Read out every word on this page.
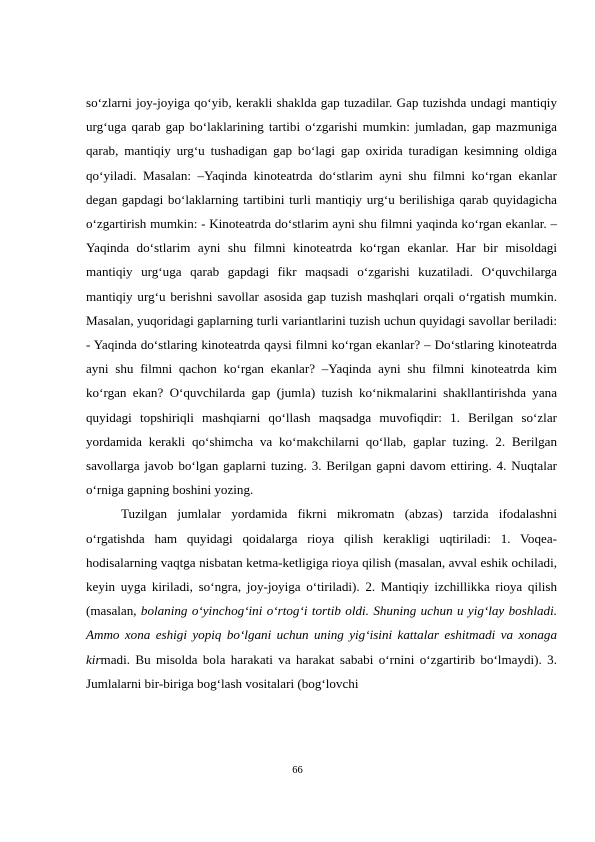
so‘zlarni joy-joyiga qo‘yib, kerakli shaklda gap tuzadilar. Gap tuzishda undagi mantiqiy urg‘uga qarab gap bo‘laklarining tartibi o‘zgarishi mumkin: jumladan, gap mazmuniga qarab, mantiqiy urg‘u tushadigan gap bo‘lagi gap oxirida turadigan kesimning oldiga qo‘yiladi. Masalan: –Yaqinda kinoteatrda do‘stlarim ayni shu filmni ko‘rgan ekanlar degan gapdagi bo‘laklarning tartibini turli mantiqiy urg‘u berilishiga qarab quyidagicha o‘zgartirish mumkin: - Kinoteatrda do‘stlarim ayni shu filmni yaqinda ko‘rgan ekanlar. – Yaqinda do‘stlarim ayni shu filmni kinoteatrda ko‘rgan ekanlar. Har bir misoldagi mantiqiy urg‘uga qarab gapdagi fikr maqsadi o‘zgarishi kuzatiladi. O‘quvchilarga mantiqiy urg‘u berishni savollar asosida gap tuzish mashqlari orqali o‘rgatish mumkin. Masalan, yuqoridagi gaplarning turli variantlarini tuzish uchun quyidagi savollar beriladi: - Yaqinda do‘stlaring kinoteatrda qaysi filmni ko‘rgan ekanlar? – Do‘stlaring kinoteatrda ayni shu filmni qachon ko‘rgan ekanlar? –Yaqinda ayni shu filmni kinoteatrda kim ko‘rgan ekan? O‘quvchilarda gap (jumla) tuzish ko‘nikmalarini shakllantirishda yana quyidagi topshiriqli mashqiarni qo‘llash maqsadga muvofiqdir: 1. Berilgan so‘zlar yordamida kerakli qo‘shimcha va ko‘makchilarni qo‘llab, gaplar tuzing. 2. Berilgan savollarga javob bo‘lgan gaplarni tuzing. 3. Berilgan gapni davom ettiring. 4. Nuqtalar o‘rniga gapning boshini yozing.

Tuzilgan jumlalar yordamida fikrni mikromatn (abzas) tarzida ifodalashni o‘rgatishda ham quyidagi qoidalarga rioya qilish kerakligi uqtiriladi: 1. Voqea-hodisalarning vaqtga nisbatan ketma-ketligiga rioya qilish (masalan, avval eshik ochiladi, keyin uyga kiriladi, so‘ngra, joy-joyiga o‘tiriladi). 2. Mantiqiy izchillikka rioya qilish (masalan, bolaning o‘yinchog‘ini o‘rtog‘i tortib oldi. Shuning uchun u yig‘lay boshladi. Ammo xona eshigi yopiq bo‘lgani uchun uning yig‘isini kattalar eshitmadi va xonaga kirmadi. Bu misolda bola harakati va harakat sababi o‘rnini o‘zgartirib bo‘lmaydi). 3. Jumlalarni bir-biriga bog‘lash vositalari (bog‘lovchi

66
